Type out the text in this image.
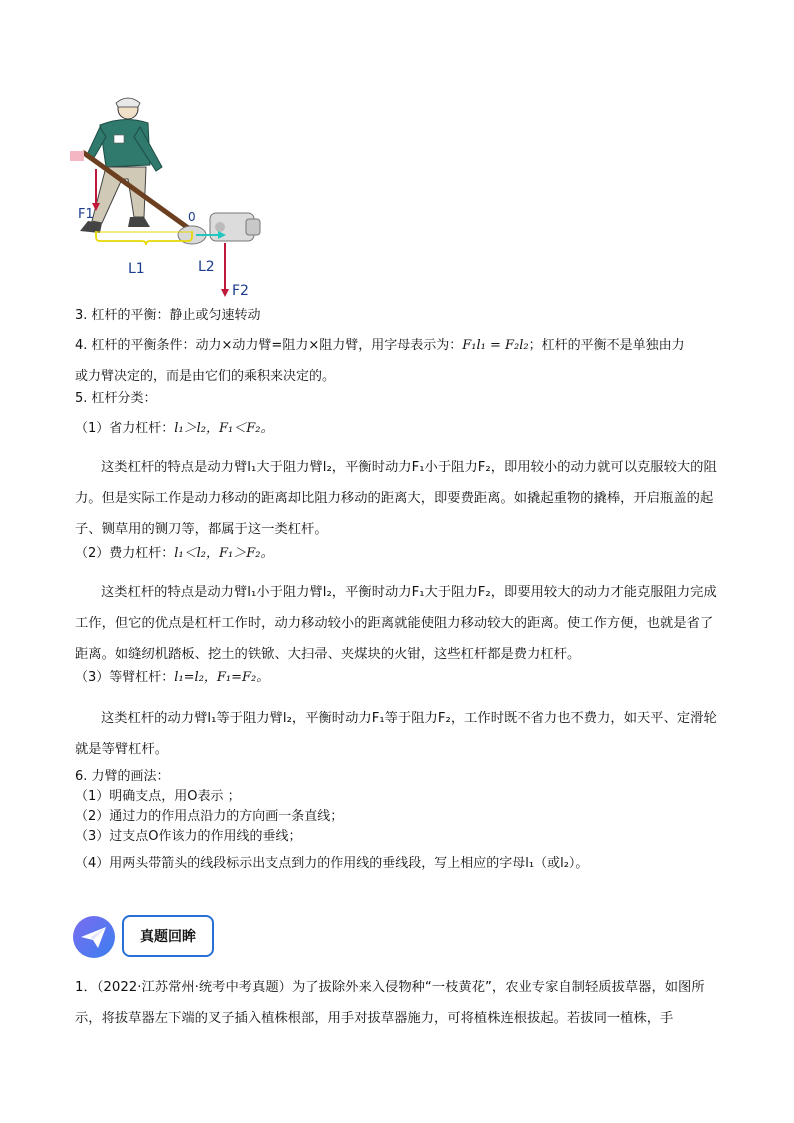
F1	0
L1	L2
F2
3. 杠杆的平衡：静止或匀速转动
4. 杠杆的平衡条件：动力×动力臂=阻力×阻力臂，用字母表示为：F₁l₁ = F₂l₂；杠杆的平衡不是单独由力
或力臂决定的，而是由它们的乘积来决定的。
5. 杠杆分类：
（1）省力杠杆：l₁＞l₂，F₁＜F₂。
这类杠杆的特点是动力臂l₁大于阻力臂l₂，平衡时动力F₁小于阻力F₂，即用较小的动力就可以克服较大的阻力。但是实际工作是动力移动的距离却比阻力移动的距离大，即要费距离。如撬起重物的撬棒，开启瓶盖的起子、铡草用的铡刀等，都属于这一类杠杆。
（2）费力杠杆：l₁＜l₂，F₁＞F₂。
这类杠杆的特点是动力臂l₁小于阻力臂l₂，平衡时动力F₁大于阻力F₂，即要用较大的动力才能克服阻力完成工作，但它的优点是杠杆工作时，动力移动较小的距离就能使阻力移动较大的距离。使工作方便，也就是省了距离。如缝纫机踏板、挖土的铁锨、大扫帚、夹煤块的火钳，这些杠杆都是费力杠杆。
（3）等臂杠杆：l₁=l₂，F₁=F₂。
这类杠杆的动力臂l₁等于阻力臂l₂，平衡时动力F₁等于阻力F₂，工作时既不省力也不费力，如天平、定滑轮就是等臂杠杆。
6. 力臂的画法：
（1）明确支点，用O表示 ；
（2）通过力的作用点沿力的方向画一条直线；
（3）过支点O作该力的作用线的垂线；
（4）用两头带箭头的线段标示出支点到力的作用线的垂线段，写上相应的字母l₁（或l₂）。
真题回眸
1．（2022·江苏常州·统考中考真题）为了拔除外来入侵物种“一枝黄花”，农业专家自制轻质拔草器，如图所示，将拔草器左下端的叉子插入植株根部，用手对拔草器施力，可将植株连根拔起。若拔同一植株，手
